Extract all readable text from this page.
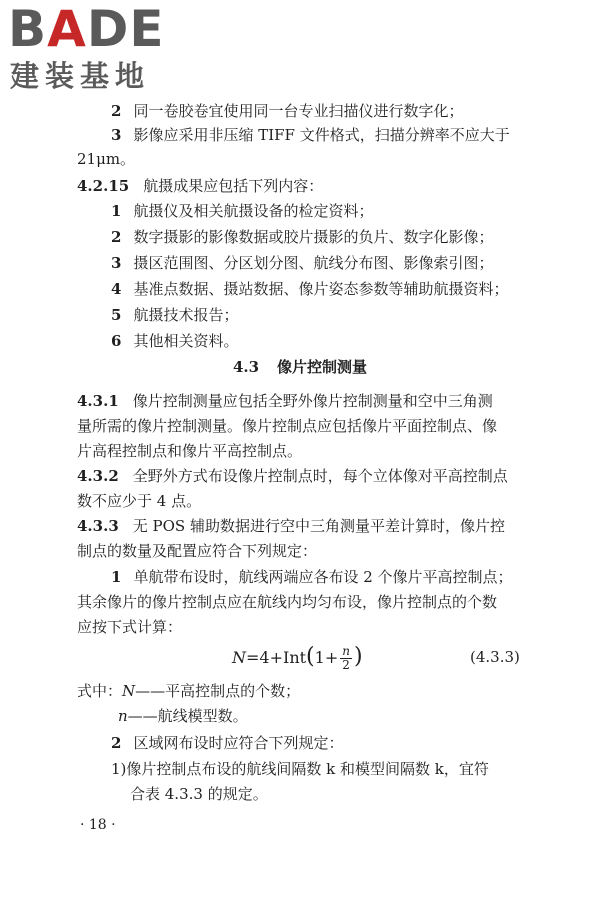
BADE
建装基地
2 同一卷胶卷宜使用同一台专业扫描仪进行数字化；
3 影像应采用非压缩 TIFF 文件格式，扫描分辨率不应大于
21μm。
4.2.15 航摄成果应包括下列内容：
1 航摄仪及相关航摄设备的检定资料；
2 数字摄影的影像数据或胶片摄影的负片、数字化影像；
3 摄区范围图、分区划分图、航线分布图、影像索引图；
4 基准点数据、摄站数据、像片姿态参数等辅助航摄资料；
5 航摄技术报告；
6 其他相关资料。
4.3 像片控制测量
4.3.1 像片控制测量应包括全野外像片控制测量和空中三角测
量所需的像片控制测量。像片控制点应包括像片平面控制点、像
片高程控制点和像片平高控制点。
4.3.2 全野外方式布设像片控制点时，每个立体像对平高控制点
数不应少于 4 点。
4.3.3 无 POS 辅助数据进行空中三角测量平差计算时，像片控
制点的数量及配置应符合下列规定：
1 单航带布设时，航线两端应各布设 2 个像片平高控制点；
其余像片的像片控制点应在航线内均匀布设，像片控制点的个数
应按下式计算：
$N=4+Int(1+ \frac{n}{2}$ )	(4.3.3)
式中：N——平高控制点的个数；
n——航线模型数。
2 区域网布设时应符合下列规定：
1)像片控制点布设的航线间隔数 k 和模型间隔数 k，宜符
合表 4.3.3 的规定。
· 18 ·
